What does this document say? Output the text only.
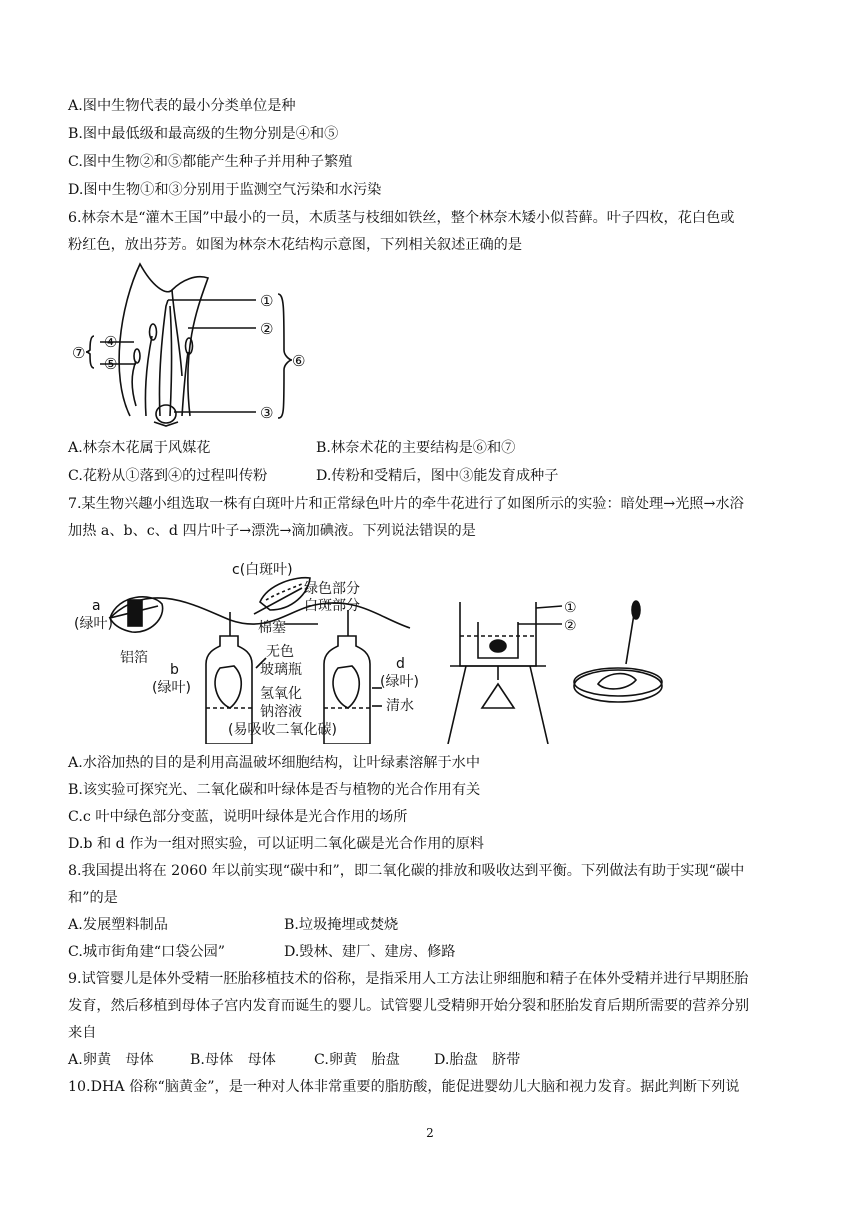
A.图中生物代表的最小分类单位是种
B.图中最低级和最高级的生物分别是④和⑤
C.图中生物②和⑤都能产生种子并用种子繁殖
D.图中生物①和③分别用于监测空气污染和水污染
6.林奈木是“灌木王国”中最小的一员，木质茎与枝细如铁丝，整个林奈木矮小似苔藓。叶子四枚，花白色或
粉红色，放出芬芳。如图为林奈木花结构示意图，下列相关叙述正确的是
①
②
③
④
⑤	⑥
⑦
A.林奈木花属于风媒花	B.林奈术花的主要结构是⑥和⑦
C.花粉从①落到④的过程叫传粉	D.传粉和受精后，图中③能发育成种子
7.某生物兴趣小组选取一株有白斑叶片和正常绿色叶片的牵牛花进行了如图所示的实验：暗处理→光照→水浴
加热 a、b、c、d 四片叶子→漂洗→滴加碘液。下列说法错误的是
c(白斑叶)
绿色部分
白斑部分
a
(绿叶)
铝箔
棉塞
b
(绿叶)
无色
玻璃瓶
氢氧化
钠溶液
(易吸收二氧化碳)
d
(绿叶)
清水
①
②
A.水浴加热的目的是利用高温破坏细胞结构，让叶绿素溶解于水中
B.该实验可探究光、二氧化碳和叶绿体是否与植物的光合作用有关
C.c 叶中绿色部分变蓝，说明叶绿体是光合作用的场所
D.b 和 d 作为一组对照实验，可以证明二氧化碳是光合作用的原料
8.我国提出将在 2060 年以前实现“碳中和”，即二氧化碳的排放和吸收达到平衡。下列做法有助于实现“碳中
和”的是
A.发展塑料制品	B.垃圾掩埋或焚烧
C.城市街角建“口袋公园”	D.毁林、建厂、建房、修路
9.试管婴儿是体外受精一胚胎移植技术的俗称，是指采用人工方法让卵细胞和精子在体外受精并进行早期胚胎
发育，然后移植到母体子宫内发育而诞生的婴儿。试管婴儿受精卵开始分裂和胚胎发育后期所需要的营养分别
来自
A.卵黄　母体	B.母体　母体	C.卵黄　胎盘 D.胎盘　脐带
10.DHA 俗称“脑黄金”，是一种对人体非常重要的脂肪酸，能促进婴幼儿大脑和视力发育。据此判断下列说
2
